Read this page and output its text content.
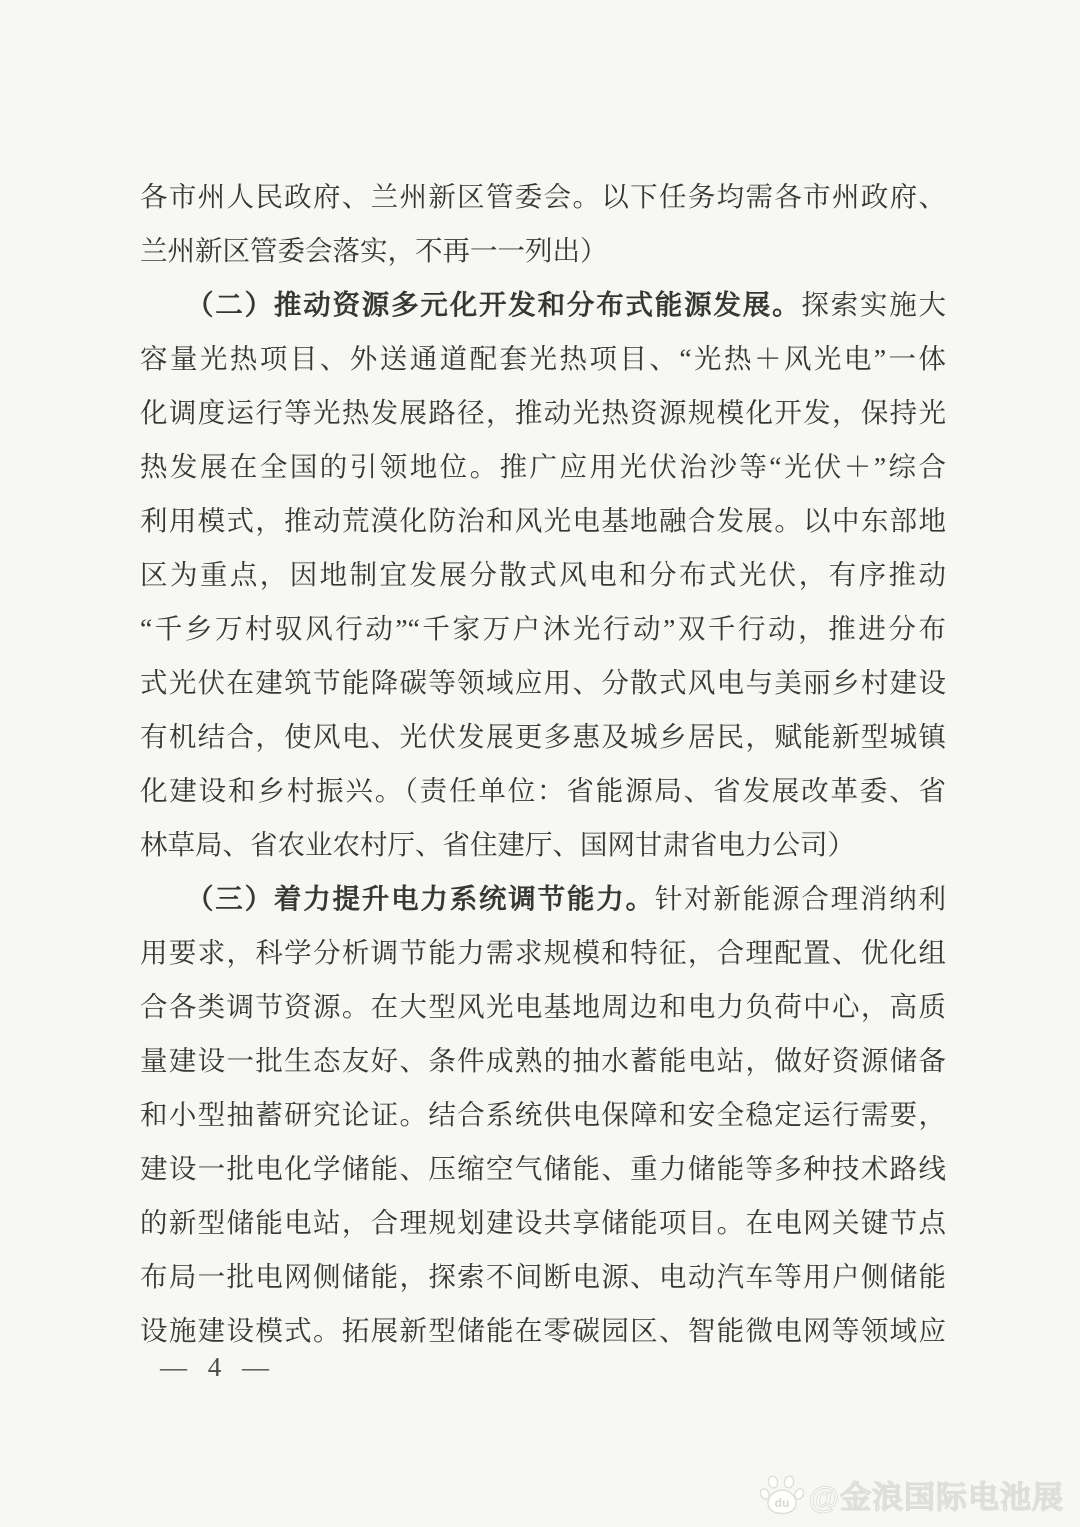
各市州人民政府、兰州新区管委会。以下任务均需各市州政府、
兰州新区管委会落实，不再一一列出）
（二）推动资源多元化开发和分布式能源发展。探索实施大
容量光热项目、外送通道配套光热项目、“光热＋风光电”一体
化调度运行等光热发展路径，推动光热资源规模化开发，保持光
热发展在全国的引领地位。推广应用光伏治沙等“光伏＋”综合
利用模式，推动荒漠化防治和风光电基地融合发展。以中东部地
区为重点，因地制宜发展分散式风电和分布式光伏，有序推动
“千乡万村驭风行动”“千家万户沐光行动”双千行动，推进分布
式光伏在建筑节能降碳等领域应用、分散式风电与美丽乡村建设
有机结合，使风电、光伏发展更多惠及城乡居民，赋能新型城镇
化建设和乡村振兴。（责任单位：省能源局、省发展改革委、省
林草局、省农业农村厅、省住建厅、国网甘肃省电力公司）
（三）着力提升电力系统调节能力。针对新能源合理消纳利
用要求，科学分析调节能力需求规模和特征，合理配置、优化组
合各类调节资源。在大型风光电基地周边和电力负荷中心，高质
量建设一批生态友好、条件成熟的抽水蓄能电站，做好资源储备
和小型抽蓄研究论证。结合系统供电保障和安全稳定运行需要，
建设一批电化学储能、压缩空气储能、重力储能等多种技术路线
的新型储能电站，合理规划建设共享储能项目。在电网关键节点
布局一批电网侧储能，探索不间断电源、电动汽车等用户侧储能
设施建设模式。拓展新型储能在零碳园区、智能微电网等领域应
— 4 —
du @金浪国际电池展
